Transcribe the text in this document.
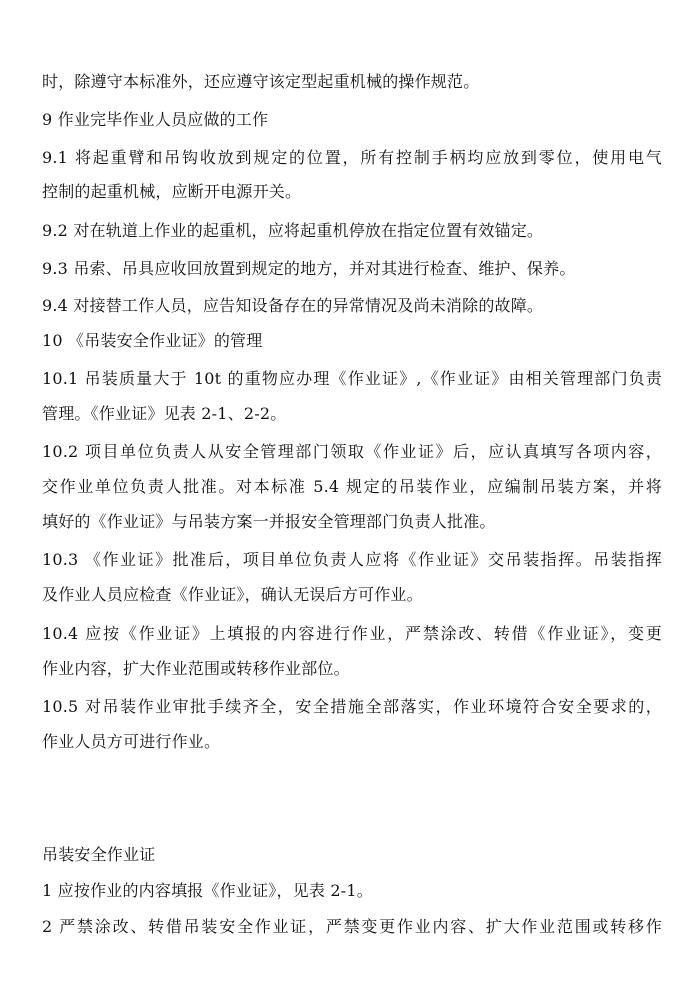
时，除遵守本标准外，还应遵守该定型起重机械的操作规范。
9 作业完毕作业人员应做的工作
9.1 将起重臂和吊钩收放到规定的位置，所有控制手柄均应放到零位，使用电气
控制的起重机械，应断开电源开关。
9.2 对在轨道上作业的起重机，应将起重机停放在指定位置有效锚定。
9.3 吊索、吊具应收回放置到规定的地方，并对其进行检查、维护、保养。
9.4 对接替工作人员，应告知设备存在的异常情况及尚未消除的故障。
10 《吊装安全作业证》的管理
10.1 吊装质量大于 10t 的重物应办理《作业证》,《作业证》由相关管理部门负责
管理。《作业证》见表 2-1、2-2。
10.2 项目单位负责人从安全管理部门领取《作业证》后，应认真填写各项内容，
交作业单位负责人批准。对本标准 5.4 规定的吊装作业，应编制吊装方案，并将
填好的《作业证》与吊装方案一并报安全管理部门负责人批准。
10.3 《作业证》批准后，项目单位负责人应将《作业证》交吊装指挥。吊装指挥
及作业人员应检查《作业证》，确认无误后方可作业。
10.4 应按《作业证》上填报的内容进行作业，严禁涂改、转借《作业证》，变更
作业内容，扩大作业范围或转移作业部位。
10.5 对吊装作业审批手续齐全，安全措施全部落实，作业环境符合安全要求的，
作业人员方可进行作业。
吊装安全作业证
1 应按作业的内容填报《作业证》，见表 2-1。
2 严禁涂改、转借吊装安全作业证，严禁变更作业内容、扩大作业范围或转移作
